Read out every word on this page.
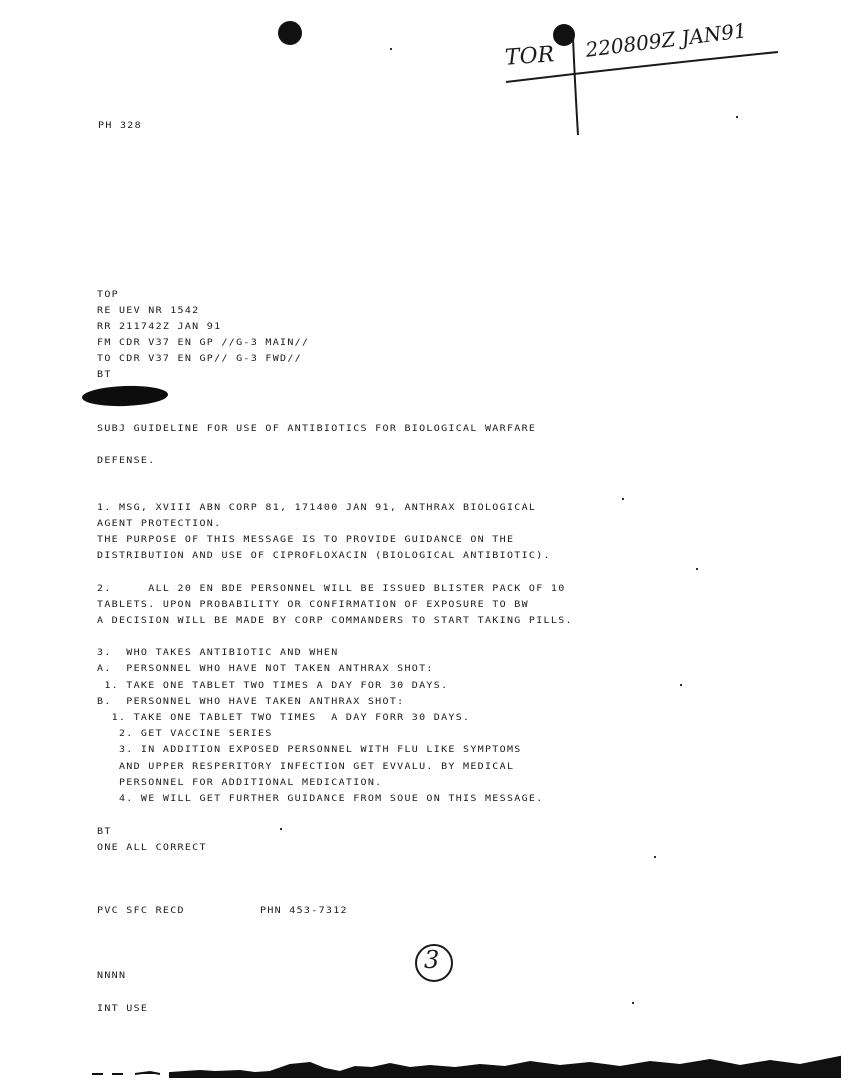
TOR 220809Z JAN91
PH 328
TOP
RE UEV NR 1542
RR 211742Z JAN 91
FM CDR V37 EN GP //G-3 MAIN//
TO CDR V37 EN GP// G-3 FWD//
BT
SUBJ GUIDELINE FOR USE OF ANTIBIOTICS FOR BIOLOGICAL WARFARE
DEFENSE.
1. MSG, XVIII ABN CORP 81, 171400 JAN 91, ANTHRAX BIOLOGICAL
AGENT PROTECTION.
THE PURPOSE OF THIS MESSAGE IS TO PROVIDE GUIDANCE ON THE
DISTRIBUTION AND USE OF CIPROFLOXACIN (BIOLOGICAL ANTIBIOTIC).
2.     ALL 20 EN BDE PERSONNEL WILL BE ISSUED BLISTER PACK OF 10
TABLETS. UPON PROBABILITY OR CONFIRMATION OF EXPOSURE TO BW
A DECISION WILL BE MADE BY CORP COMMANDERS TO START TAKING PILLS.
3.  WHO TAKES ANTIBIOTIC AND WHEN
A.  PERSONNEL WHO HAVE NOT TAKEN ANTHRAX SHOT:
1. TAKE ONE TABLET TWO TIMES A DAY FOR 30 DAYS.
B.  PERSONNEL WHO HAVE TAKEN ANTHRAX SHOT:
1. TAKE ONE TABLET TWO TIMES  A DAY FORR 30 DAYS.
2. GET VACCINE SERIES
3. IN ADDITION EXPOSED PERSONNEL WITH FLU LIKE SYMPTOMS
AND UPPER RESPERITORY INFECTION GET EVVALU. BY MEDICAL
PERSONNEL FOR ADDITIONAL MEDICATION.
4. WE WILL GET FURTHER GUIDANCE FROM SOUE ON THIS MESSAGE.
BT
ONE ALL CORRECT
PVC SFC RECD	PHN 453-7312
3
NNNN
INT USE
